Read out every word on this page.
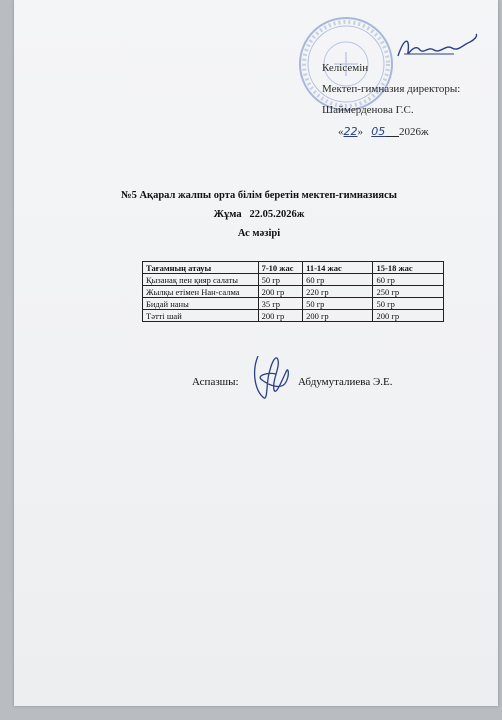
Келісемін
Мектеп-гимназия директоры:
Шаймерденова Г.С.
«22» 05 2026ж
№5 Ақарал жалпы орта білім беретін мектеп-гимназиясы
Жұма   22.05.2026ж
Ас мәзірі
Тағамның атауы	7-10 жас	11-14 жас	15-18 жас
Қызанақ пен қияр салаты	50 гр	60 гр	60 гр
Жылқы етімен Нан-салма	200 гр	220 гр	250 гр
Бидай наны	35 гр	50 гр	50 гр
Тәтті шай	200 гр	200 гр	200 гр
Аспазшы:	Абдумуталиева Э.Е.
